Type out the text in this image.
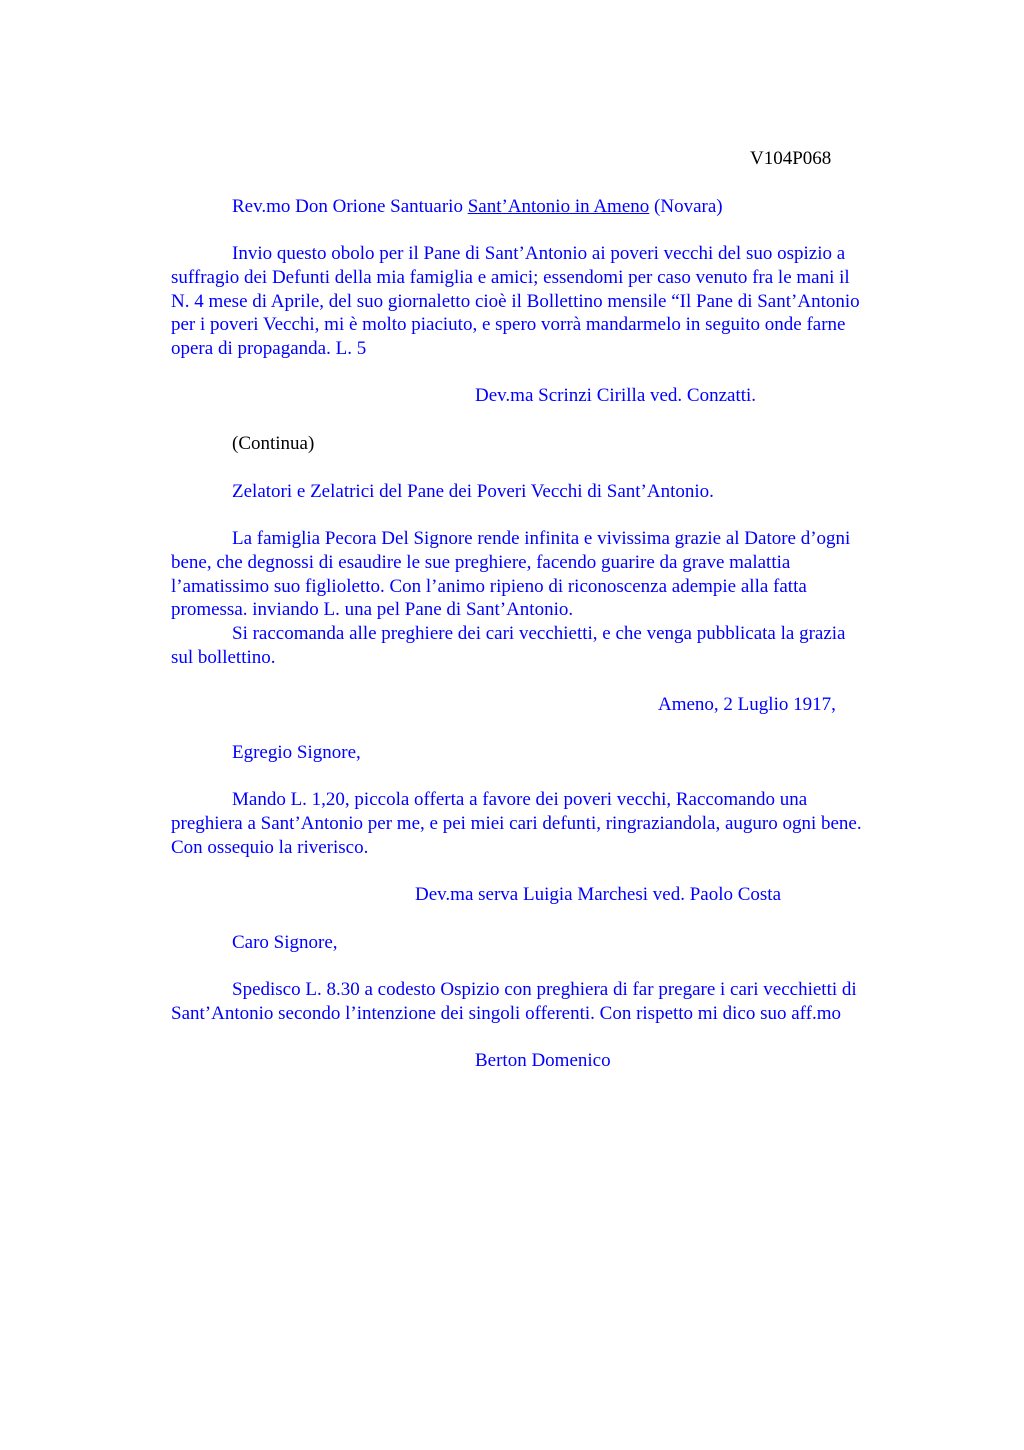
V104P068
Rev.mo Don Orione Santuario Sant’Antonio in Ameno (Novara)
Invio questo obolo per il Pane di Sant’Antonio ai poveri vecchi del suo ospizio a
suffragio dei Defunti della mia famiglia e amici; essendomi per caso venuto fra le mani il
N. 4 mese di Aprile, del suo giornaletto cioè il Bollettino mensile “Il Pane di Sant’Antonio
per i poveri Vecchi, mi è molto piaciuto, e spero vorrà mandarmelo in seguito onde farne
opera di propaganda. L. 5
Dev.ma Scrinzi Cirilla ved. Conzatti.
(Continua)
Zelatori e Zelatrici del Pane dei Poveri Vecchi di Sant’Antonio.
La famiglia Pecora Del Signore rende infinita e vivissima grazie al Datore d’ogni
bene, che degnossi di esaudire le sue preghiere, facendo guarire da grave malattia
l’amatissimo suo figlioletto. Con l’animo ripieno di riconoscenza adempie alla fatta
promessa. inviando L. una pel Pane di Sant’Antonio.
Si raccomanda alle preghiere dei cari vecchietti, e che venga pubblicata la grazia
sul bollettino.
Ameno, 2 Luglio 1917,
Egregio Signore,
Mando L. 1,20, piccola offerta a favore dei poveri vecchi, Raccomando una
preghiera a Sant’Antonio per me, e pei miei cari defunti, ringraziandola, auguro ogni bene.
Con ossequio la riverisco.
Dev.ma serva Luigia Marchesi ved. Paolo Costa
Caro Signore,
Spedisco L. 8.30 a codesto Ospizio con preghiera di far pregare i cari vecchietti di
Sant’Antonio secondo l’intenzione dei singoli offerenti. Con rispetto mi dico suo aff.mo
Berton Domenico
